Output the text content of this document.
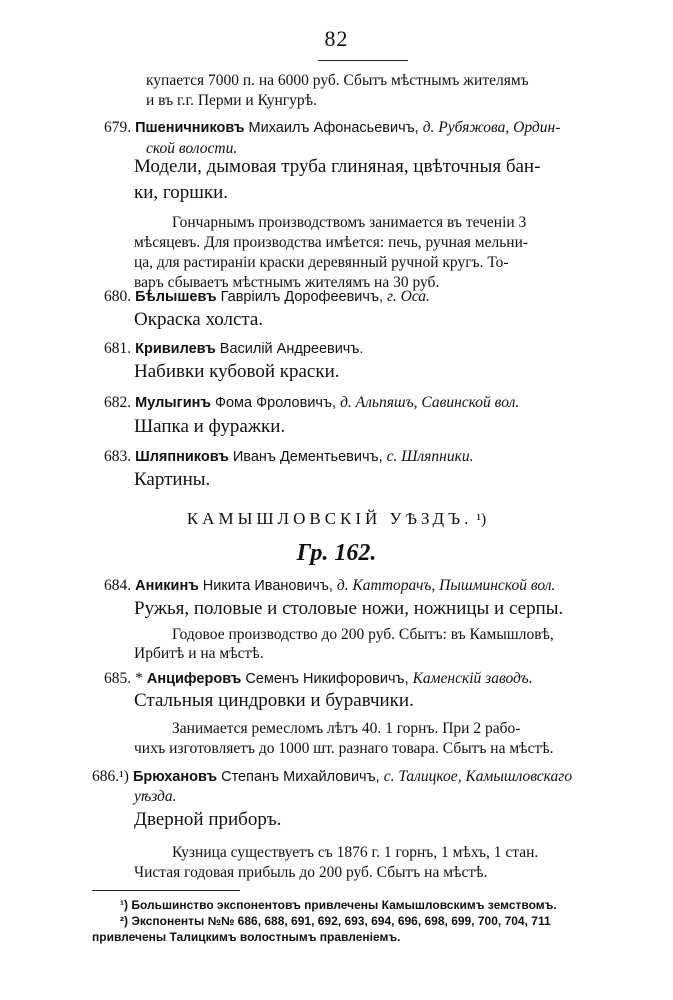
82
купается 7000 п. на 6000 руб. Сбытъ мѣстнымъ жителямъ
и въ г.г. Перми и Кунгурѣ.
679. Пшеничниковъ Михаилъ Афонасьевичъ, д. Рубяжова, Ордин-
ской волости.
Модели, дымовая труба глиняная, цвѣточныя бан-
ки, горшки.
Гончарнымъ производствомъ занимается въ теченіи 3
мѣсяцевъ. Для производства имѣется: печь, ручная мельни-
ца, для растираніи краски деревянный ручной кругъ. То-
варъ сбываетъ мѣстнымъ жителямъ на 30 руб.
680. Бѣлышевъ Гавріилъ Дорофеевичъ, г. Оса.
Окраска холста.
681. Кривилевъ Василій Андреевичъ.
Набивки кубовой краски.
682. Мулыгинъ Фома Фроловичъ, д. Альпяшъ, Савинской вол.
Шапка и фуражки.
683. Шляпниковъ Иванъ Дементьевичъ, с. Шляпники.
Картины.
КАМЫШЛОВСКІЙ УѢЗДЪ. ¹)
Гр. 162.
684. Аникинъ Никита Ивановичъ, д. Катторачъ, Пышминской вол.
Ружья, половые и столовые ножи, ножницы и серпы.
Годовое производство до 200 руб. Сбытъ: въ Камышловѣ,
Ирбитѣ и на мѣстѣ.
685. * Анциферовъ Семенъ Никифоровичъ, Каменскій заводъ.
Стальныя циндровки и буравчики.
Занимается ремесломъ лѣтъ 40. 1 горнъ. При 2 рабо-
чихъ изготовляетъ до 1000 шт. разнаго товара. Сбытъ на мѣстѣ.
686.¹) Брюхановъ Степанъ Михайловичъ, с. Талицкое, Камышловскаго
уѣзда.
Дверной приборъ.
Кузница существуетъ съ 1876 г. 1 горнъ, 1 мѣхъ, 1 стан.
Чистая годовая прибыль до 200 руб. Сбытъ на мѣстѣ.
¹) Большинство экспонентовъ привлечены Камышловскимъ земствомъ.
²) Экспоненты №№ 686, 688, 691, 692, 693, 694, 696, 698, 699, 700, 704, 711
привлечены Талицкимъ волостнымъ правленіемъ.
